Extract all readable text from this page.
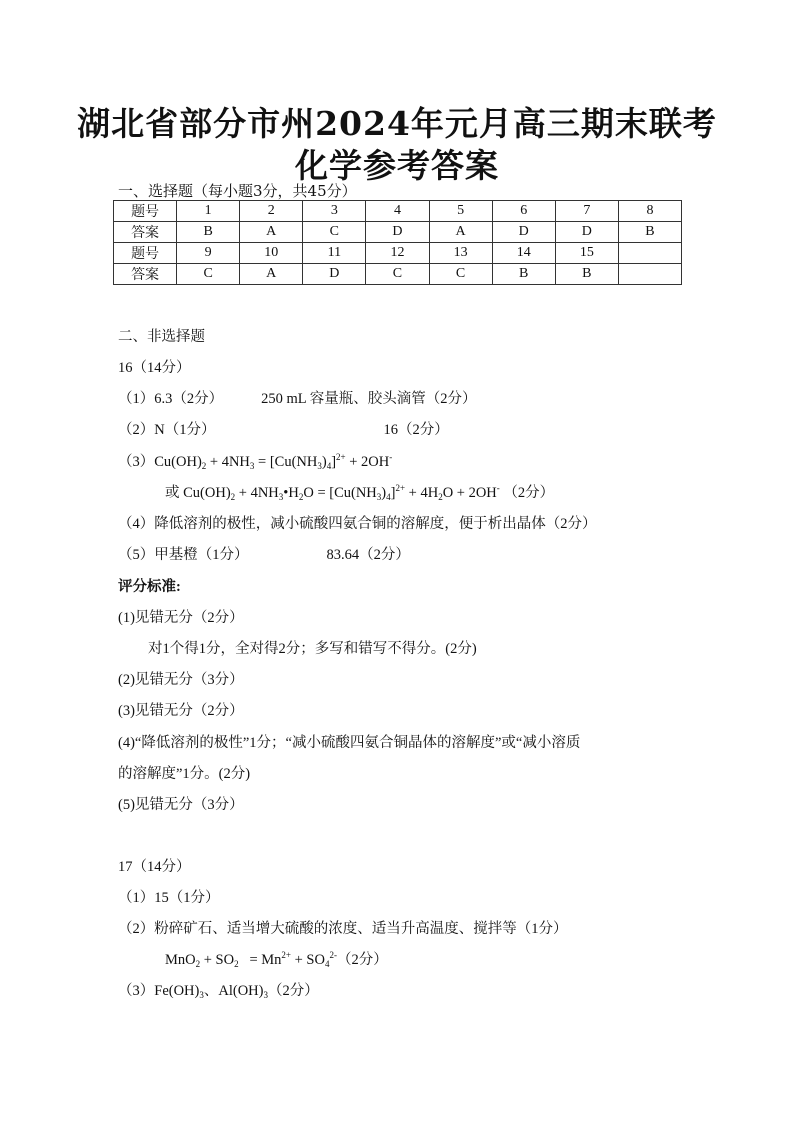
湖北省部分市州2024年元月高三期末联考
化学参考答案
一、选择题（每小题3分，共45分）
题号	1	2	3	4	5	6	7	8
答案	B	A	C	D	A	D	D	B
题号	9	10	11	12	13	14	15	
答案	C	A	D	C	C	B	B	
二、非选择题
16（14分）
（1）6.3（2分）	250 mL 容量瓶、胶头滴管（2分）
（2）N（1分）	16（2分）
$(3)Cu(OH)_2 + 4NH_3 = [Cu(NH_3)_4]^{2+} + 2OH^-$
或 $Cu(OH)_2$ + $4NH_3•H_2O = [Cu(NH_3)_4]^{2+} + 4H_2O + 2OH^-$ （2分）
（4）降低溶剂的极性，减小硫酸四氨合铜的溶解度，便于析出晶体（2分）
（5）甲基橙（1分）	83.64（2分）
评分标准:
(1)见错无分（2分）
对1个得1分，全对得2分；多写和错写不得分。(2分)
(2)见错无分（3分）
(3)见错无分（2分）
(4)“降低溶剂的极性”1分；“减小硫酸四氨合铜晶体的溶解度”或“减小溶质
的溶解度”1分。(2分)
(5)见错无分（3分）
17（14分）
（1）15（1分）
（2）粉碎矿石、适当增大硫酸的浓度、适当升高温度、搅拌等（1分）
$MnO_2 + SO_2 = Mn^{2+} + SO_4^{2-}(2$分）
$(3)Fe(OH)_3$、$Al(OH)_3(2$分）
